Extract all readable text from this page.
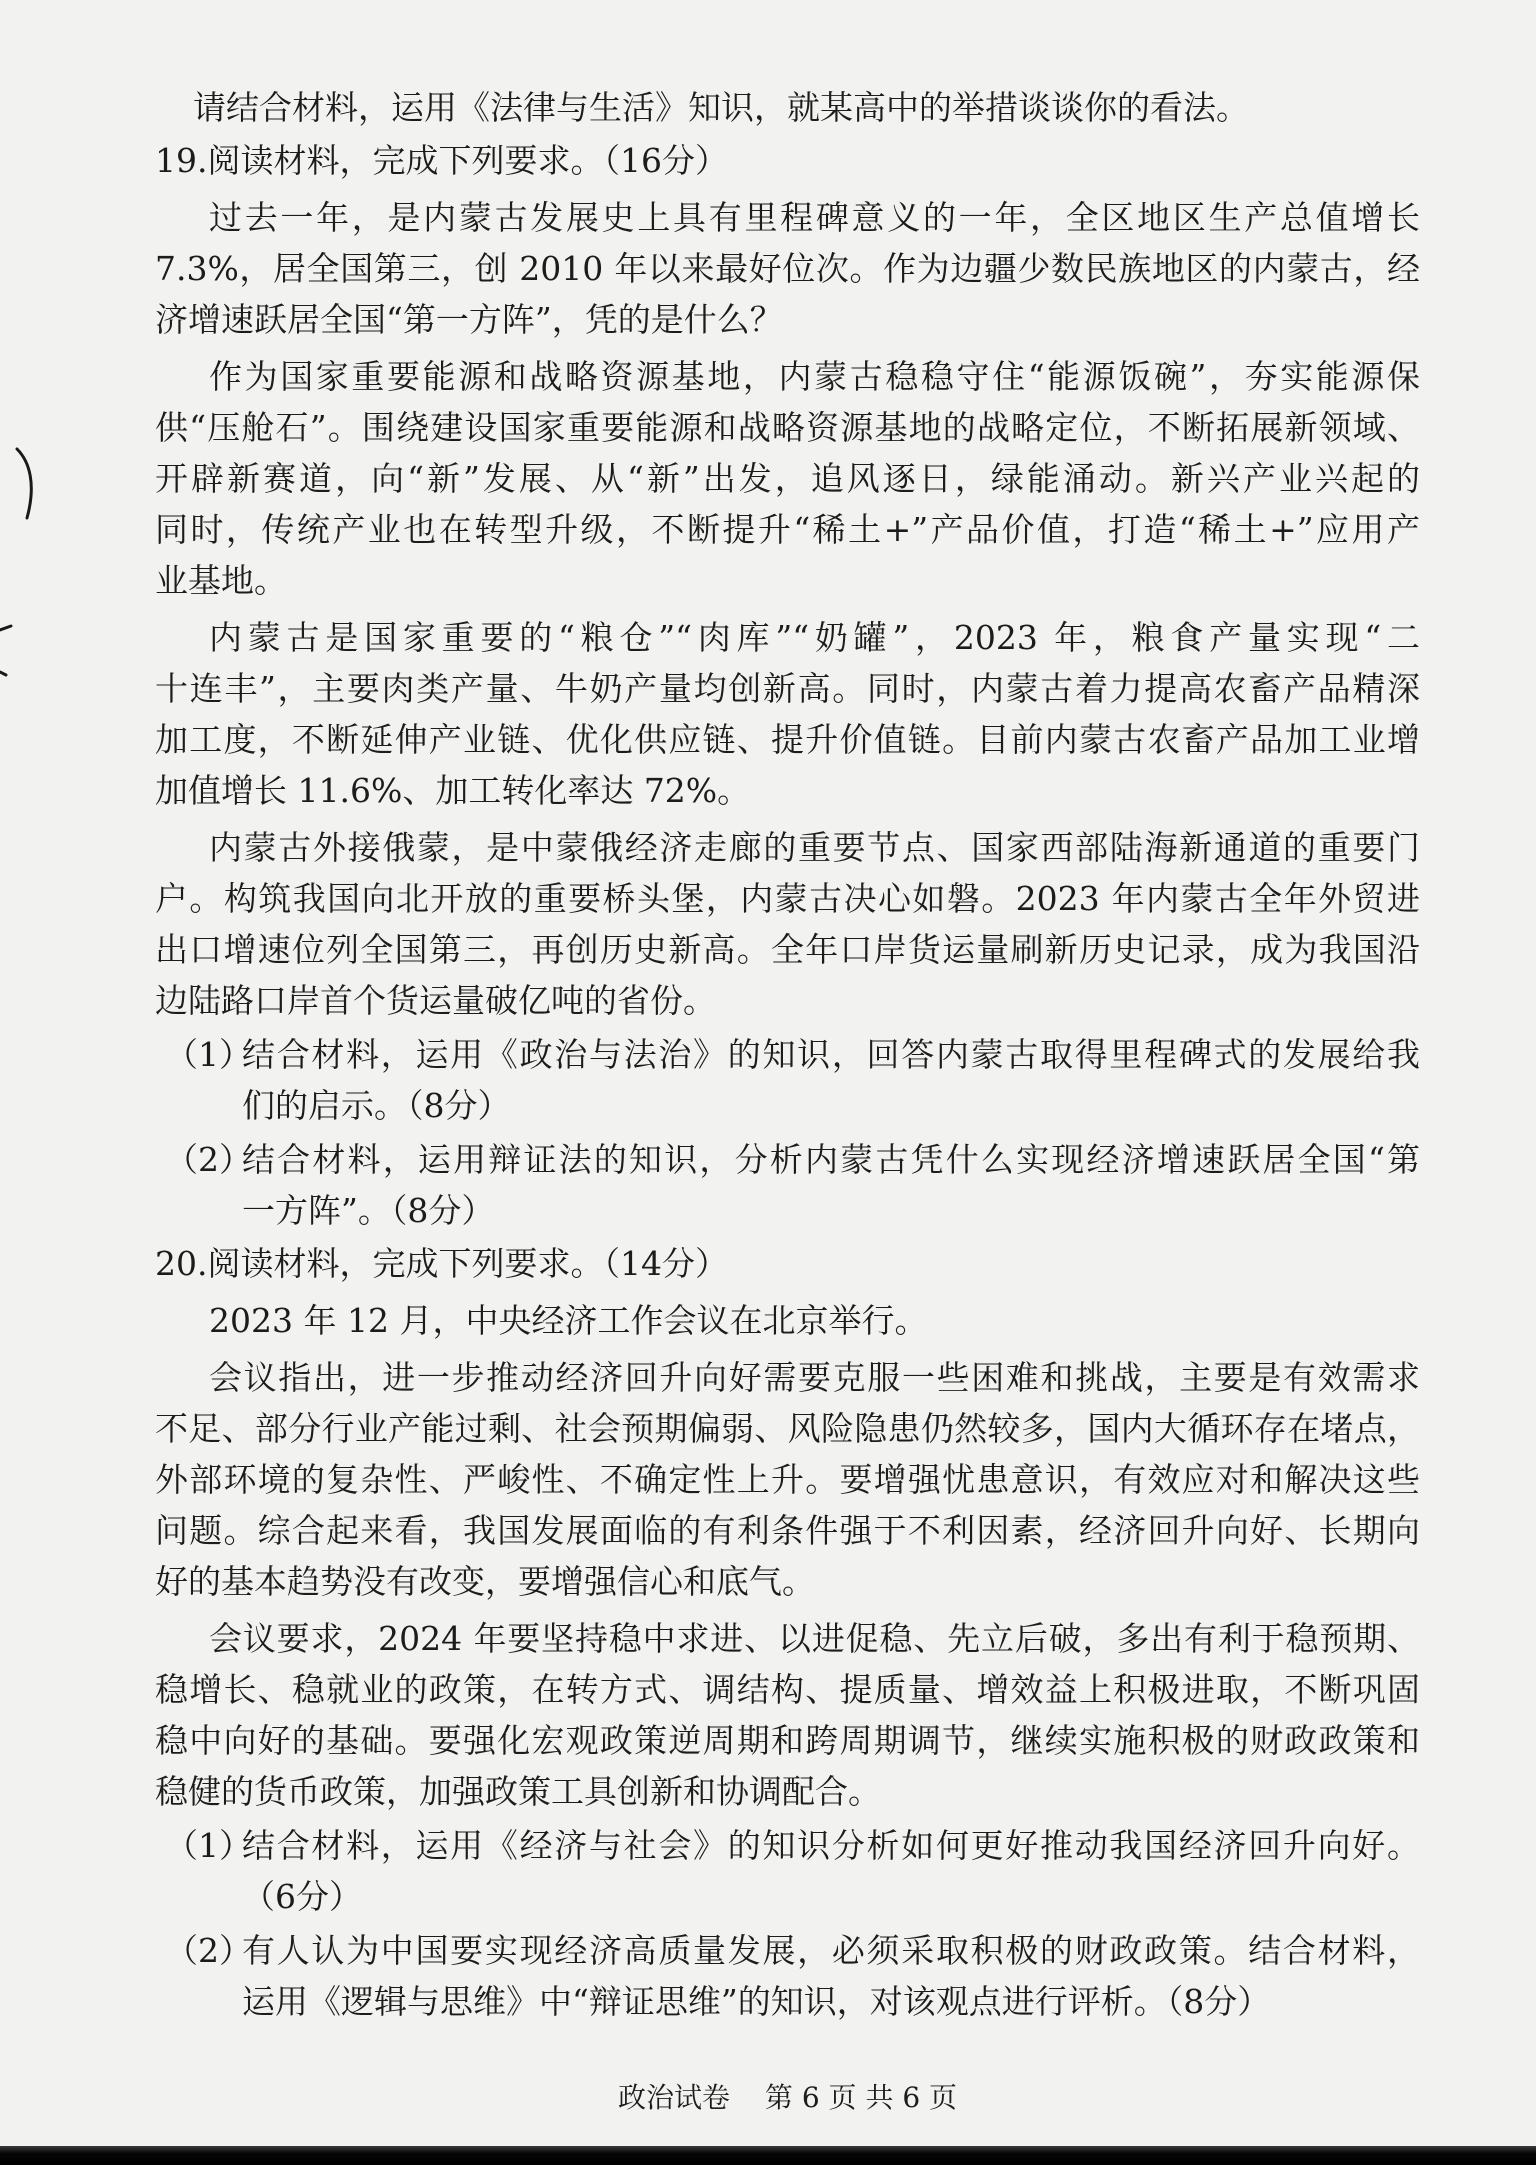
请结合材料，运用《法律与生活》知识，就某高中的举措谈谈你的看法。
19.阅读材料，完成下列要求。（16分）
过去一年，是内蒙古发展史上具有里程碑意义的一年，全区地区生产总值增长
7.3%，居全国第三，创 2010 年以来最好位次。作为边疆少数民族地区的内蒙古，经
济增速跃居全国“第一方阵”，凭的是什么？
作为国家重要能源和战略资源基地，内蒙古稳稳守住“能源饭碗”，夯实能源保
供“压舱石”。围绕建设国家重要能源和战略资源基地的战略定位，不断拓展新领域、
开辟新赛道，向“新”发展、从“新”出发，追风逐日，绿能涌动。新兴产业兴起的
同时，传统产业也在转型升级，不断提升“稀土+”产品价值，打造“稀土+”应用产
业基地。
内蒙古是国家重要的“粮仓”“肉库”“奶罐”，2023 年，粮食产量实现“二
十连丰”，主要肉类产量、牛奶产量均创新高。同时，内蒙古着力提高农畜产品精深
加工度，不断延伸产业链、优化供应链、提升价值链。目前内蒙古农畜产品加工业增
加值增长 11.6%、加工转化率达 72%。
内蒙古外接俄蒙，是中蒙俄经济走廊的重要节点、国家西部陆海新通道的重要门
户。构筑我国向北开放的重要桥头堡，内蒙古决心如磐。2023 年内蒙古全年外贸进
出口增速位列全国第三，再创历史新高。全年口岸货运量刷新历史记录，成为我国沿
边陆路口岸首个货运量破亿吨的省份。
（1）
结合材料，运用《政治与法治》的知识，回答内蒙古取得里程碑式的发展给我
们的启示。（8分）
（2）
结合材料，运用辩证法的知识，分析内蒙古凭什么实现经济增速跃居全国“第
一方阵”。（8分）
20.阅读材料，完成下列要求。（14分）
2023 年 12 月，中央经济工作会议在北京举行。
会议指出，进一步推动经济回升向好需要克服一些困难和挑战，主要是有效需求
不足、部分行业产能过剩、社会预期偏弱、风险隐患仍然较多，国内大循环存在堵点，
外部环境的复杂性、严峻性、不确定性上升。要增强忧患意识，有效应对和解决这些
问题。综合起来看，我国发展面临的有利条件强于不利因素，经济回升向好、长期向
好的基本趋势没有改变，要增强信心和底气。
会议要求，2024 年要坚持稳中求进、以进促稳、先立后破，多出有利于稳预期、
稳增长、稳就业的政策，在转方式、调结构、提质量、增效益上积极进取，不断巩固
稳中向好的基础。要强化宏观政策逆周期和跨周期调节，继续实施积极的财政政策和
稳健的货币政策，加强政策工具创新和协调配合。
（1）
结合材料，运用《经济与社会》的知识分析如何更好推动我国经济回升向好。
（6分）
（2）
有人认为中国要实现经济高质量发展，必须采取积极的财政政策。结合材料，
运用《逻辑与思维》中“辩证思维”的知识，对该观点进行评析。（8分）
政治试卷 第 6 页 共 6 页
